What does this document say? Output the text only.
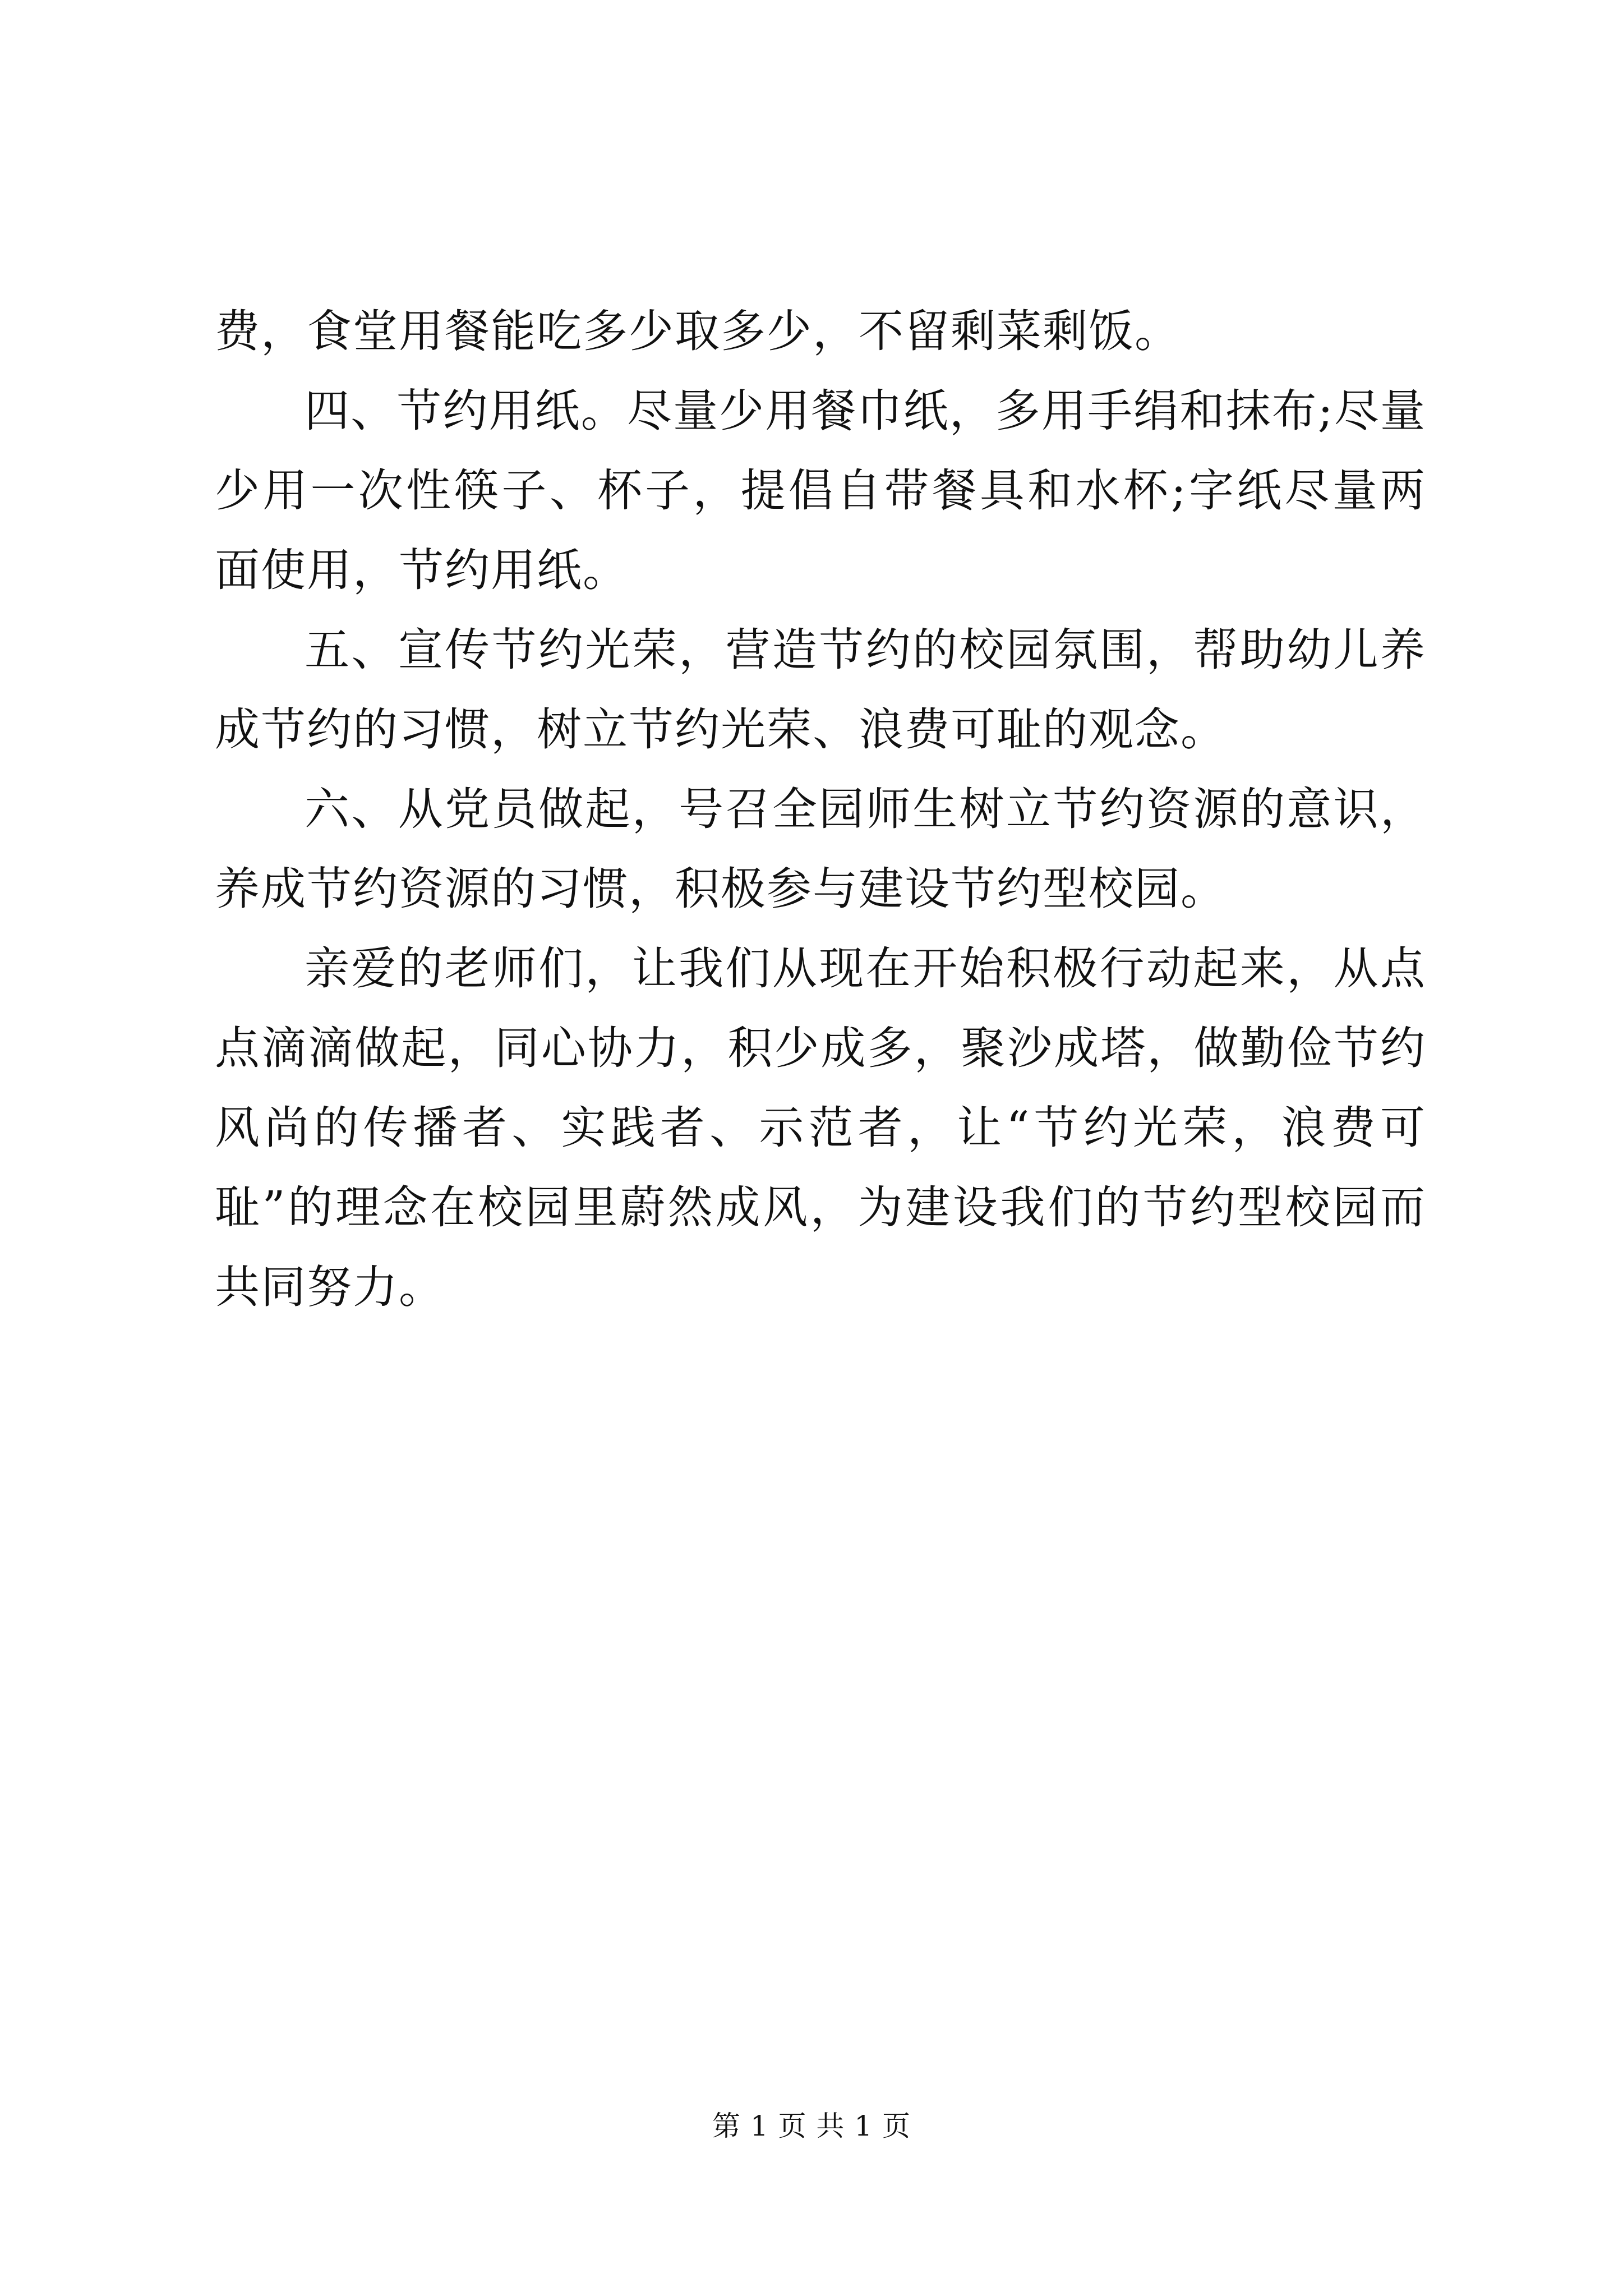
费，食堂用餐能吃多少取多少，不留剩菜剩饭。

四、节约用纸。尽量少用餐巾纸，多用手绢和抹布;尽量少用一次性筷子、杯子，提倡自带餐具和水杯;字纸尽量两面使用，节约用纸。

五、宣传节约光荣，营造节约的校园氛围，帮助幼儿养成节约的习惯，树立节约光荣、浪费可耻的观念。

六、从党员做起，号召全园师生树立节约资源的意识，养成节约资源的习惯，积极参与建设节约型校园。

亲爱的老师们，让我们从现在开始积极行动起来，从点点滴滴做起，同心协力，积少成多，聚沙成塔，做勤俭节约风尚的传播者、实践者、示范者，让“节约光荣，浪费可耻”的理念在校园里蔚然成风，为建设我们的节约型校园而共同努力。

第 1 页 共 1 页
